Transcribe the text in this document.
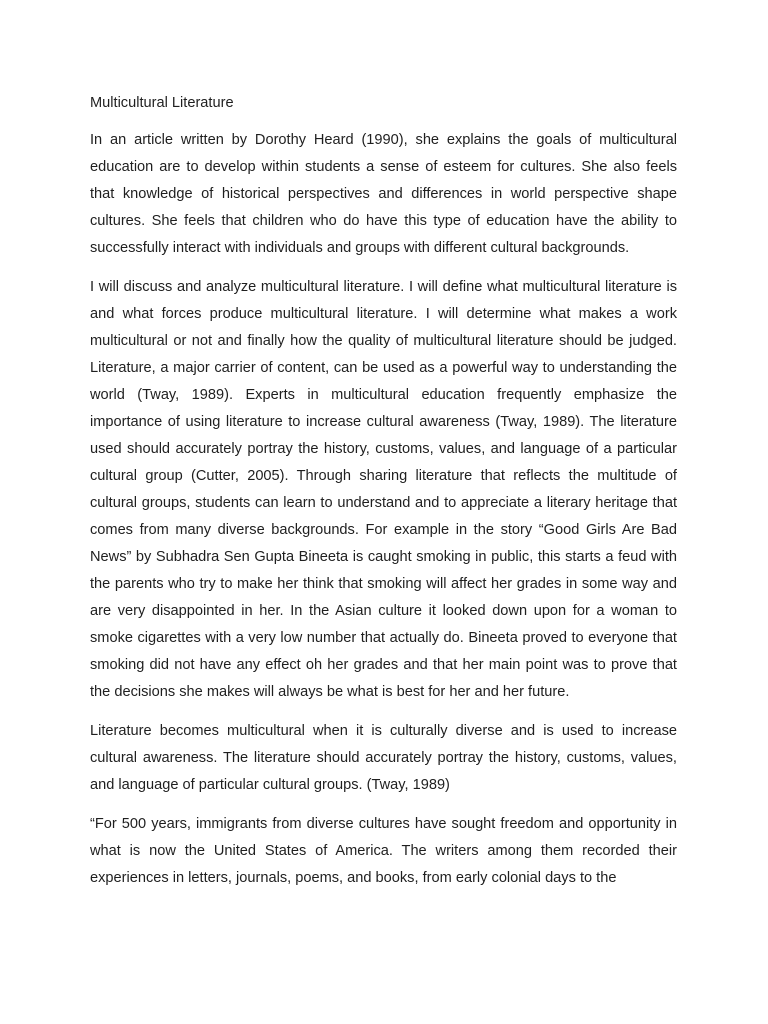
Multicultural Literature

In an article written by Dorothy Heard (1990), she explains the goals of multicultural education are to develop within students a sense of esteem for cultures. She also feels that knowledge of historical perspectives and differences in world perspective shape cultures. She feels that children who do have this type of education have the ability to successfully interact with individuals and groups with different cultural backgrounds.

I will discuss and analyze multicultural literature. I will define what multicultural literature is and what forces produce multicultural literature. I will determine what makes a work multicultural or not and finally how the quality of multicultural literature should be judged. Literature, a major carrier of content, can be used as a powerful way to understanding the world (Tway, 1989). Experts in multicultural education frequently emphasize the importance of using literature to increase cultural awareness (Tway, 1989). The literature used should accurately portray the history, customs, values, and language of a particular cultural group (Cutter, 2005). Through sharing literature that reflects the multitude of cultural groups, students can learn to understand and to appreciate a literary heritage that comes from many diverse backgrounds. For example in the story “Good Girls Are Bad News” by Subhadra Sen Gupta Bineeta is caught smoking in public, this starts a feud with the parents who try to make her think that smoking will affect her grades in some way and are very disappointed in her. In the Asian culture it looked down upon for a woman to smoke cigarettes with a very low number that actually do. Bineeta proved to everyone that smoking did not have any effect oh her grades and that her main point was to prove that the decisions she makes will always be what is best for her and her future.

Literature becomes multicultural when it is culturally diverse and is used to increase cultural awareness. The literature should accurately portray the history, customs, values, and language of particular cultural groups. (Tway, 1989)

“For 500 years, immigrants from diverse cultures have sought freedom and opportunity in what is now the United States of America. The writers among them recorded their experiences in letters, journals, poems, and books, from early colonial days to the
